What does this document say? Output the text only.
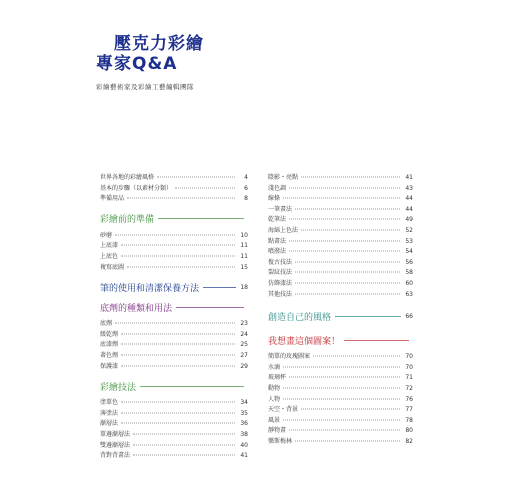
壓克力彩繪
專家Q&A
彩繪藝術家及彩繪工藝編輯團隊
世界各地的彩繪風格	4
基本的步驟（以素材分類）	6
準備用品	8
彩繪前的準備
砂磨	10
上底漆	11
上底色	11
複寫底圖	15
筆的使用和清潔保養方法	18
底劑的種類和用法
底劑	23
緩乾劑	24
底漆劑	25
著色劑	27
保護漆	29
彩繪技法
塗單色	34
薄塗法	35
漸層法	36
單邊漸層法	38
雙邊漸層法	40
背對背畫法	41
陰影・亮點	41
淺色調	43
線條	44
一筆畫法	44
乾筆法	49
海綿上色法	52
點畫法	53
噴潑法	54
復古技法	56
裂紋技法	58
仿飾漆法	60
其他技法	63
創造自己的風格	66
我想畫這個圖案！
簡單的玫瑰圖案	70
水滴	70
玻璃杯	71
動物	72
人物	76
天空・背景	77
風景	78
靜物畫	80
樂斯梅林	82
